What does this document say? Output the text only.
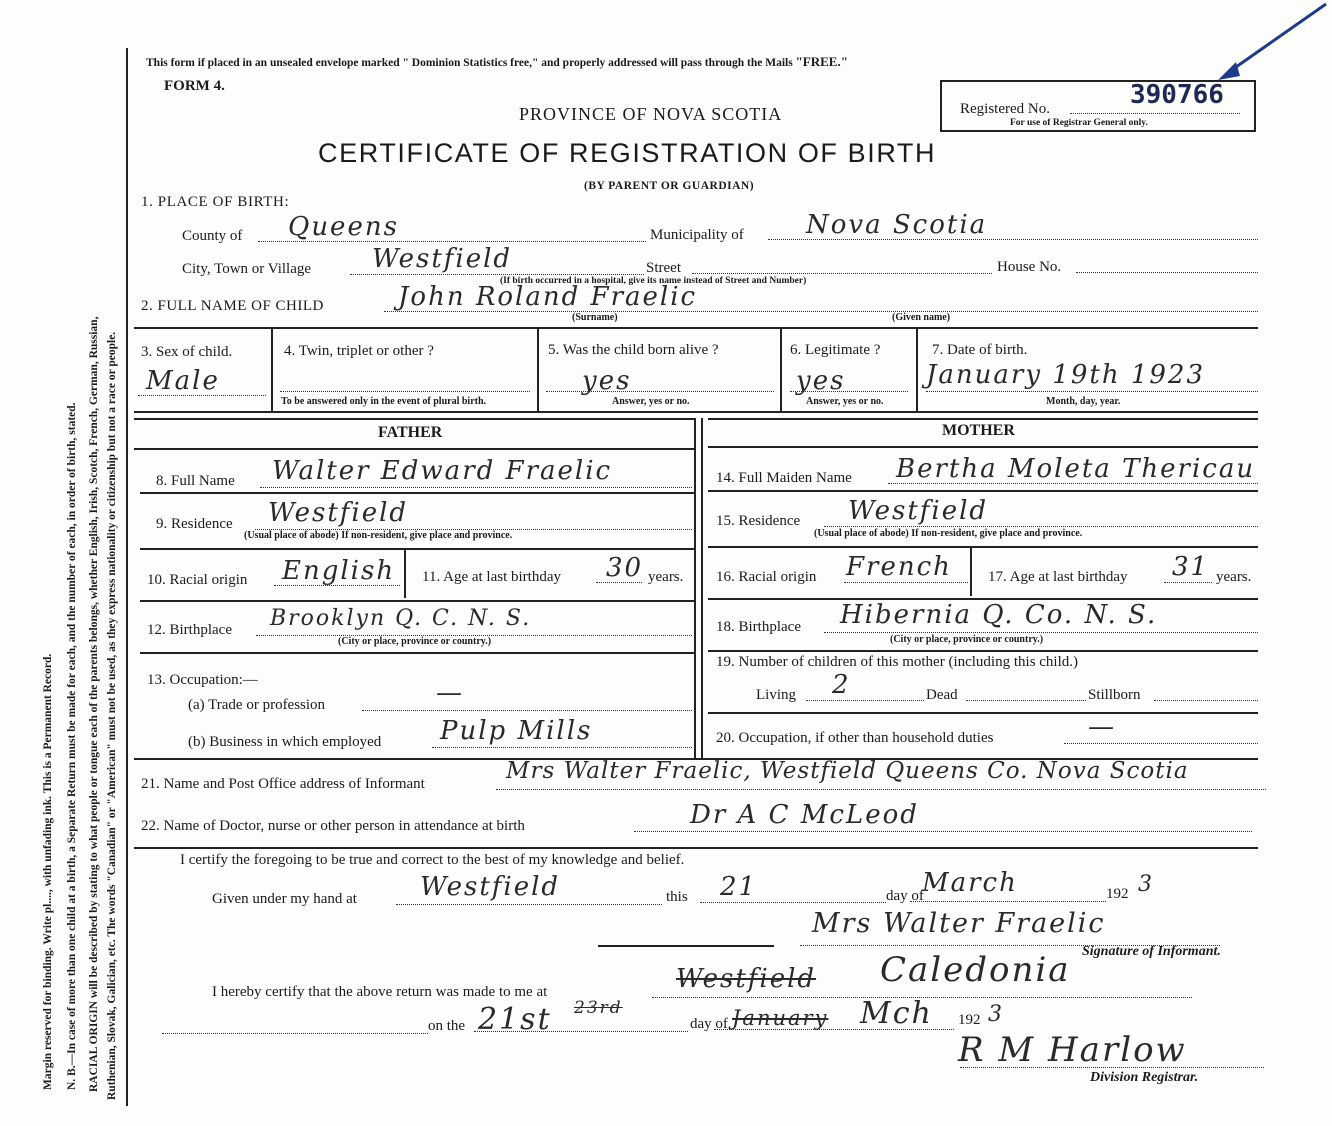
Margin reserved for binding. Write pl...., with unfading ink. This is a Permanent Record. N. B.—In case of more than one child at a birth, a Separate Return must be made for each, and the number of each, in order of birth, stated. RACIAL ORIGIN will be described by stating to what people or tongue each of the parents belongs, whether English, Irish, Scotch, French, German, Russian, Ruthenian, Slovak, Galician, etc. The words "Canadian" or "American" must not be used, as they express nationality or citizenship but not a race or people.
This form if placed in an unsealed envelope marked " Dominion Statistics free," and properly addressed will pass through the Mails "FREE."
FORM 4.
PROVINCE OF NOVA SCOTIA
CERTIFICATE OF REGISTRATION OF BIRTH
(BY PARENT OR GUARDIAN)
Registered No.	390766
For use of Registrar General only.
1. PLACE OF BIRTH:
County of Queens	Municipality of Nova Scotia
City, Town or Village Westfield	Street
(If birth occurred in a hospital, give its name instead of Street and Number)
House No.
2. FULL NAME OF CHILD	John Roland Fraelic
(Surname)	(Given name)
3. Sex of child.
Male
4. Twin, triplet or other ?
To be answered only in the event of plural birth.
5. Was the child born alive ?
yes
Answer, yes or no.
6. Legitimate ?
yes
Answer, yes or no.
7. Date of birth.
January 19th 1923
Month, day, year.
FATHER	MOTHER
8. Full Name Walter Edward Fraelic
9. Residence Westfield
(Usual place of abode) If non-resident, give place and province.
10. Racial origin English 11. Age at last birthday 30 years.
12. Birthplace Brooklyn Q. C. N. S.
(City or place, province or country.)
13. Occupation:—
(a) Trade or profession	—
(b) Business in which employed Pulp Mills
14. Full Maiden Name Bertha Moleta Thericau
15. Residence Westfield
(Usual place of abode) If non-resident, give place and province.
16. Racial origin French 17. Age at last birthday 31 years.
18. Birthplace Hibernia Q. Co. N. S.
(City or place, province or country.)
19. Number of children of this mother (including this child.)
Living 2	Dead	Stillborn
20. Occupation, if other than household duties	—
21. Name and Post Office address of Informant	Mrs Walter Fraelic, Westfield Queens Co. Nova Scotia
22. Name of Doctor, nurse or other person in attendance at birth	Dr A C McLeod
I certify the foregoing to be true and correct to the best of my knowledge and belief.
Given under my hand at Westfield	this 21	day of
March	192 3
Mrs Walter Fraelic
Signature of Informant.
I hereby certify that the above return was made to me at	Westfield Caledonia
on the 21st 23rd
day of January Mch 192 3
R M Harlow
Division Registrar.
